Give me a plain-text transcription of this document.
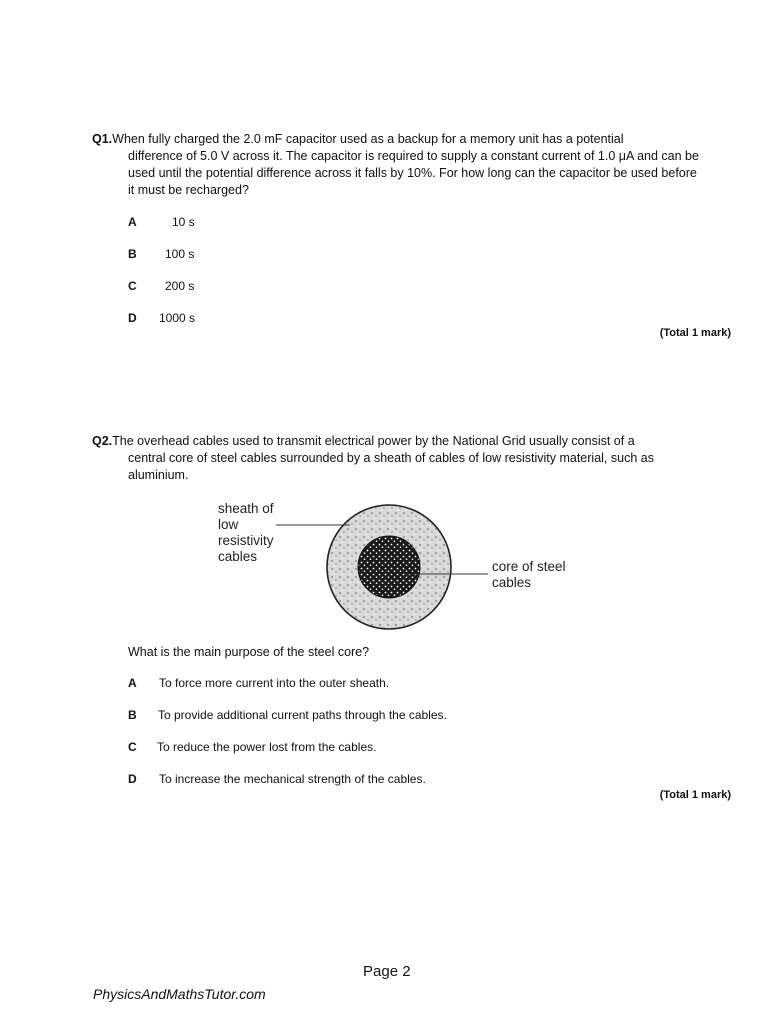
Q1.When fully charged the 2.0 mF capacitor used as a backup for a memory unit has a potential
difference of 5.0 V across it. The capacitor is required to supply a constant current of 1.0 μA and can be used until the potential difference across it falls by 10%. For how long can the capacitor be used before it must be recharged?
A	10 s
B	100 s
C	200 s
D	1000 s
(Total 1 mark)
Q2.The overhead cables used to transmit electrical power by the National Grid usually consist of a
central core of steel cables surrounded by a sheath of cables of low resistivity material, such as aluminium.
sheath of
low
resistivity
cables
core of steel
cables
What is the main purpose of the steel core?
A	To force more current into the outer sheath.
B	To provide additional current paths through the cables.
C	To reduce the power lost from the cables.
D	To increase the mechanical strength of the cables.
(Total 1 mark)
Page 2
PhysicsAndMathsTutor.com
